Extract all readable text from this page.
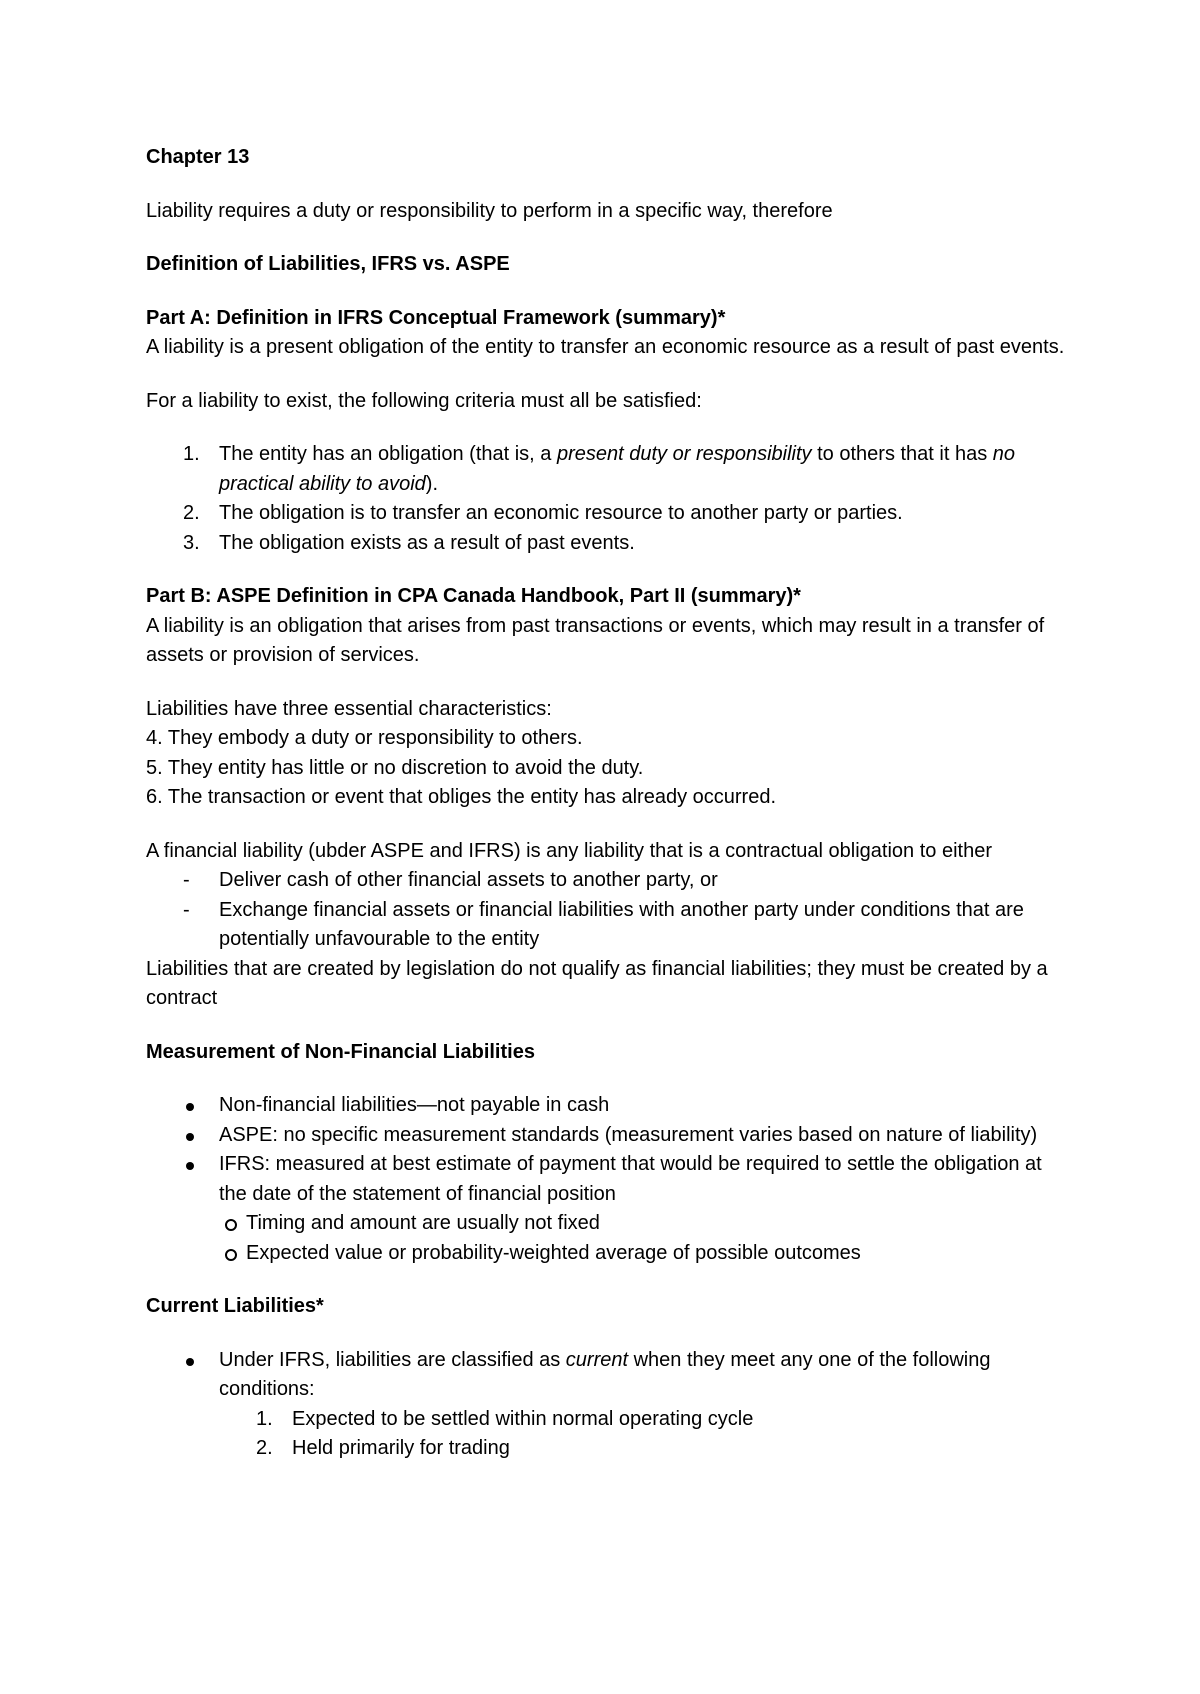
Chapter 13

Liability requires a duty or responsibility to perform in a specific way, therefore

Definition of Liabilities, IFRS vs. ASPE

Part A: Definition in IFRS Conceptual Framework (summary)*

A liability is a present obligation of the entity to transfer an economic resource as a result of past events.

For a liability to exist, the following criteria must all be satisfied:

1. The entity has an obligation (that is, a present duty or responsibility to others that it has no practical ability to avoid).
2. The obligation is to transfer an economic resource to another party or parties.
3. The obligation exists as a result of past events.

Part B: ASPE Definition in CPA Canada Handbook, Part II (summary)*

A liability is an obligation that arises from past transactions or events, which may result in a transfer of assets or provision of services.

Liabilities have three essential characteristics:

4. They embody a duty or responsibility to others.

5. They entity has little or no discretion to avoid the duty.

6. The transaction or event that obliges the entity has already occurred.

A financial liability (ubder ASPE and IFRS) is any liability that is a contractual obligation to either

- Deliver cash of other financial assets to another party, or
- Exchange financial assets or financial liabilities with another party under conditions that are potentially unfavourable to the entity

Liabilities that are created by legislation do not qualify as financial liabilities; they must be created by a contract

Measurement of Non-Financial Liabilities

Non-financial liabilities—not payable in cash
ASPE: no specific measurement standards (measurement varies based on nature of liability)
IFRS: measured at best estimate of payment that would be required to settle the obligation at the date of the statement of financial position
Timing and amount are usually not fixed
Expected value or probability-weighted average of possible outcomes

Current Liabilities*

Under IFRS, liabilities are classified as current when they meet any one of the following conditions:
1. Expected to be settled within normal operating cycle
2. Held primarily for trading
